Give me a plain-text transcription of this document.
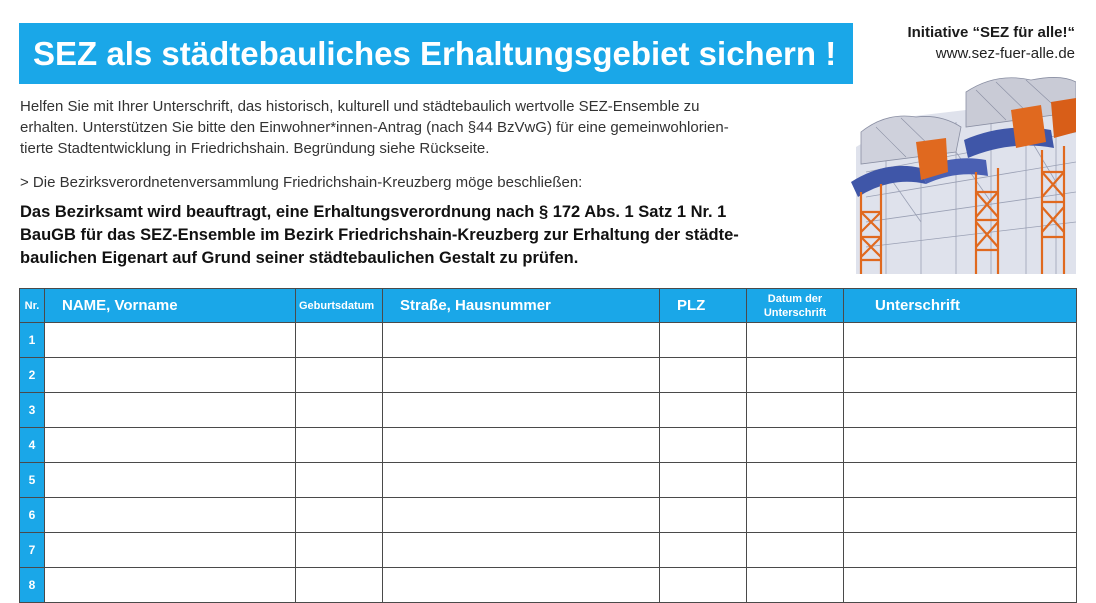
SEZ als städtebauliches Erhaltungsgebiet sichern !
Initiative “SEZ für alle!“
www.sez-fuer-alle.de

Helfen Sie mit Ihrer Unterschrift, das historisch, kulturell und städtebaulich wertvolle SEZ-Ensemble zu

erhalten. Unterstützen Sie bitte den Einwohner*innen-Antrag (nach §44 BzVwG) für eine gemeinwohlorien-

tierte Stadtentwicklung in Friedrichshain. Begründung siehe Rückseite.

> Die Bezirksverordnetenversammlung Friedrichshain-Kreuzberg möge beschließen:
Das Bezirksamt wird beauftragt, eine Erhaltungsverordnung nach § 172 Abs. 1 Satz 1 Nr. 1
BauGB für das SEZ-Ensemble im Bezirk Friedrichshain-Kreuzberg zur Erhaltung der städte-
baulichen Eigenart auf Grund seiner städtebaulichen Gestalt zu prüfen.
Nr.	NAME, Vorname	Geburtsdatum	Straße, Hausnummer	PLZ	Datum der
Unterschrift	Unterschrift
1						
2						
3						
4						
5						
6						
7						
8						
